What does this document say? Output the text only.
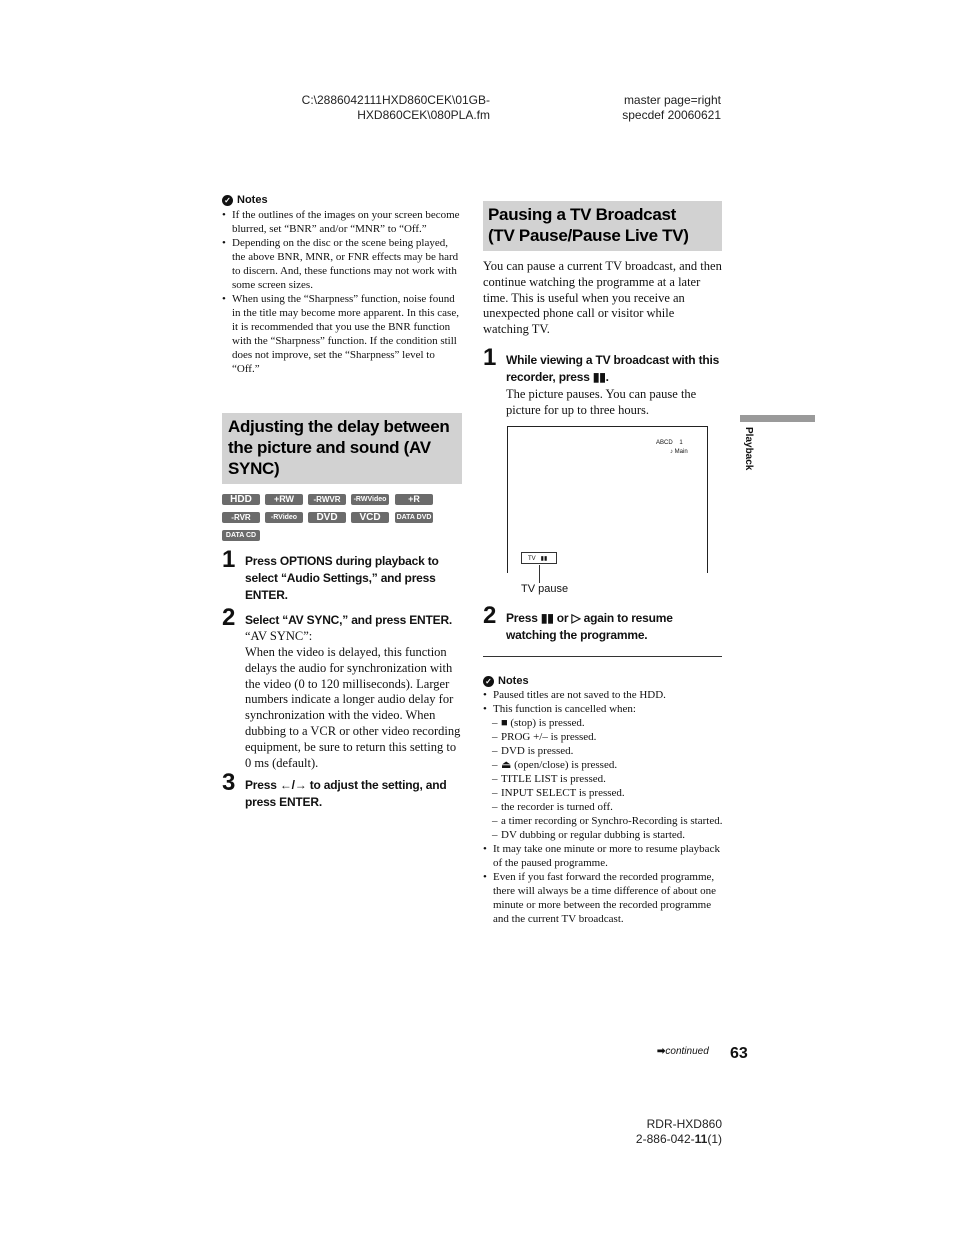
C:\2886042111HXD860CEK\01GB-
HXD860CEK\080PLA.fm
master page=right
specdef 20060621
✓ Notes
• If the outlines of the images on your screen become blurred, set “BNR” and/or “MNR” to “Off.”
• Depending on the disc or the scene being played, the above BNR, MNR, or FNR effects may be hard to discern. And, these functions may not work with some screen sizes.
• When using the “Sharpness” function, noise found in the title may become more apparent. In this case, it is recommended that you use the BNR function with the “Sharpness” function. If the condition still does not improve, set the “Sharpness” level to “Off.”
Adjusting the delay between
the picture and sound (AV
SYNC)
HDD	+RW	-RWVR	-RWVideo	+R
-RVR	-RVideo	DVD	VCD	DATA DVD
DATA CD
1 Press OPTIONS during playback to select “Audio Settings,” and press ENTER.
2 Select “AV SYNC,” and press ENTER.
“AV SYNC”:
When the video is delayed, this function delays the audio for synchronization with the video (0 to 120 milliseconds). Larger numbers indicate a longer audio delay for synchronization with the video. When dubbing to a VCR or other video recording equipment, be sure to return this setting to 0 ms (default).
3 Press ←/→ to adjust the setting, and press ENTER.
Pausing a TV Broadcast
(TV Pause/Pause Live TV)
You can pause a current TV broadcast, and then continue watching the programme at a later time. This is useful when you receive an unexpected phone call or visitor while watching TV.
1 While viewing a TV broadcast with this recorder, press ▮▮.
The picture pauses. You can pause the picture for up to three hours.
ABCD    1
♪ Main
TV   ▮▮
TV pause
2 Press ▮▮ or ▷ again to resume watching the programme.
✓ Notes
• Paused titles are not saved to the HDD.
• This function is cancelled when:
– ■ (stop) is pressed.
– PROG +/– is pressed.
– DVD is pressed.
– ⏏ (open/close) is pressed.
– TITLE LIST is pressed.
– INPUT SELECT is pressed.
– the recorder is turned off.
– a timer recording or Synchro-Recording is started.
– DV dubbing or regular dubbing is started.
• It may take one minute or more to resume playback of the paused programme.
• Even if you fast forward the recorded programme, there will always be a time difference of about one minute or more between the recorded programme and the current TV broadcast.
Playback
➡continued 63
RDR-HXD860
2-886-042-11(1)
